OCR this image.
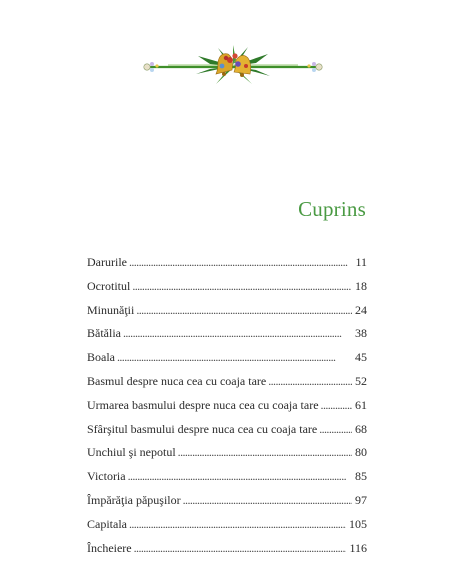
Cuprins
Darurile . . .	11
Ocrotitul . . .	18
Minunăţii . . .	24
Bătălia . . .	38
Boala . . .	45
Basmul despre nuca cea cu coaja tare . . .	52
Urmarea basmului despre nuca cea cu coaja tare . . .	61
Sfârşitul basmului despre nuca cea cu coaja tare . . .	68
Unchiul şi nepotul . . .	80
Victoria . . .	85
Împărăţia păpuşilor . . .	97
Capitala . . .	105
Încheiere . . .	116
